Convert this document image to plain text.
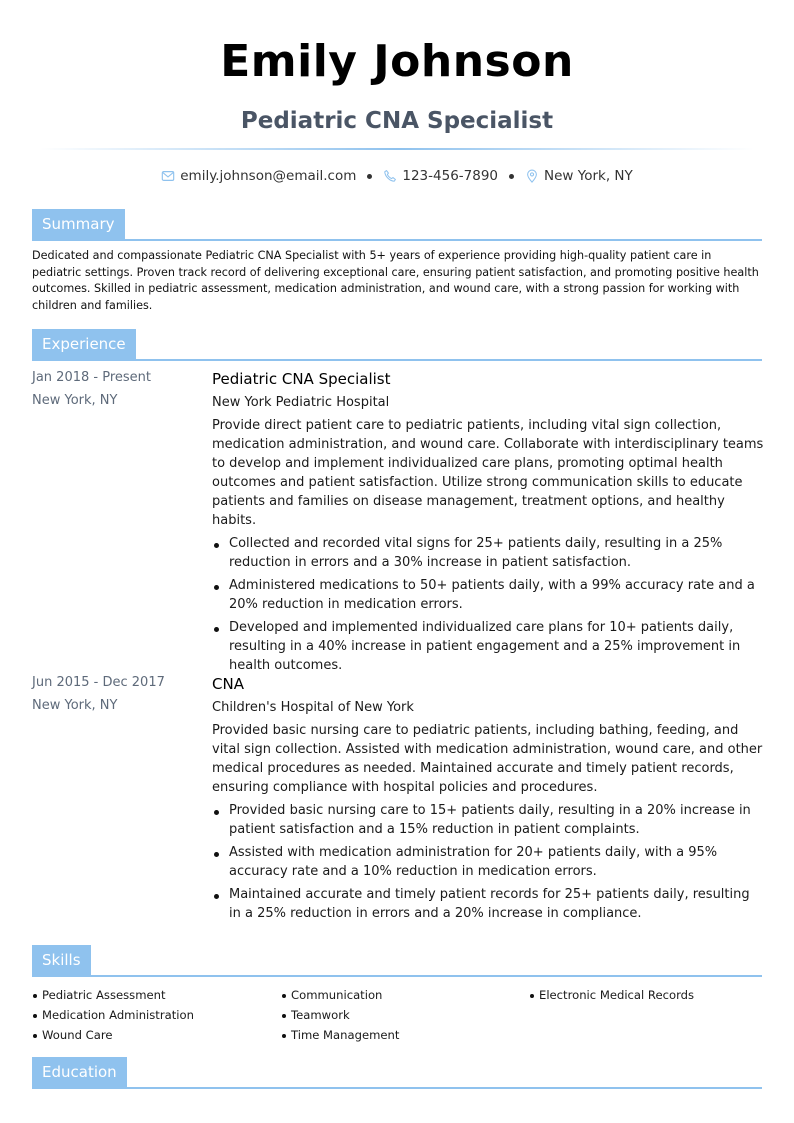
Emily Johnson
Pediatric CNA Specialist
emily.johnson@email.com	123-456-7890	New York, NY
Summary

Dedicated and compassionate Pediatric CNA Specialist with 5+ years of experience providing high-quality patient care in pediatric settings. Proven track record of delivering exceptional care, ensuring patient satisfaction, and promoting positive health outcomes. Skilled in pediatric assessment, medication administration, and wound care, with a strong passion for working with children and families.

Experience
Jan 2018 - Present
New York, NY

Pediatric CNA Specialist

New York Pediatric Hospital

Provide direct patient care to pediatric patients, including vital sign collection, medication administration, and wound care. Collaborate with interdisciplinary teams to develop and implement individualized care plans, promoting optimal health outcomes and patient satisfaction. Utilize strong communication skills to educate patients and families on disease management, treatment options, and healthy habits.

Collected and recorded vital signs for 25+ patients daily, resulting in a 25% reduction in errors and a 30% increase in patient satisfaction.
Administered medications to 50+ patients daily, with a 99% accuracy rate and a 20% reduction in medication errors.
Developed and implemented individualized care plans for 10+ patients daily, resulting in a 40% increase in patient engagement and a 25% improvement in health outcomes.
Jun 2015 - Dec 2017
New York, NY

CNA

Children's Hospital of New York

Provided basic nursing care to pediatric patients, including bathing, feeding, and vital sign collection. Assisted with medication administration, wound care, and other medical procedures as needed. Maintained accurate and timely patient records, ensuring compliance with hospital policies and procedures.

Provided basic nursing care to 15+ patients daily, resulting in a 20% increase in patient satisfaction and a 15% reduction in patient complaints.
Assisted with medication administration for 20+ patients daily, with a 95% accuracy rate and a 10% reduction in medication errors.
Maintained accurate and timely patient records for 25+ patients daily, resulting in a 25% reduction in errors and a 20% increase in compliance.
Skills
Pediatric Assessment
Medication Administration
Wound Care
Communication
Teamwork
Time Management
Electronic Medical Records
Education
